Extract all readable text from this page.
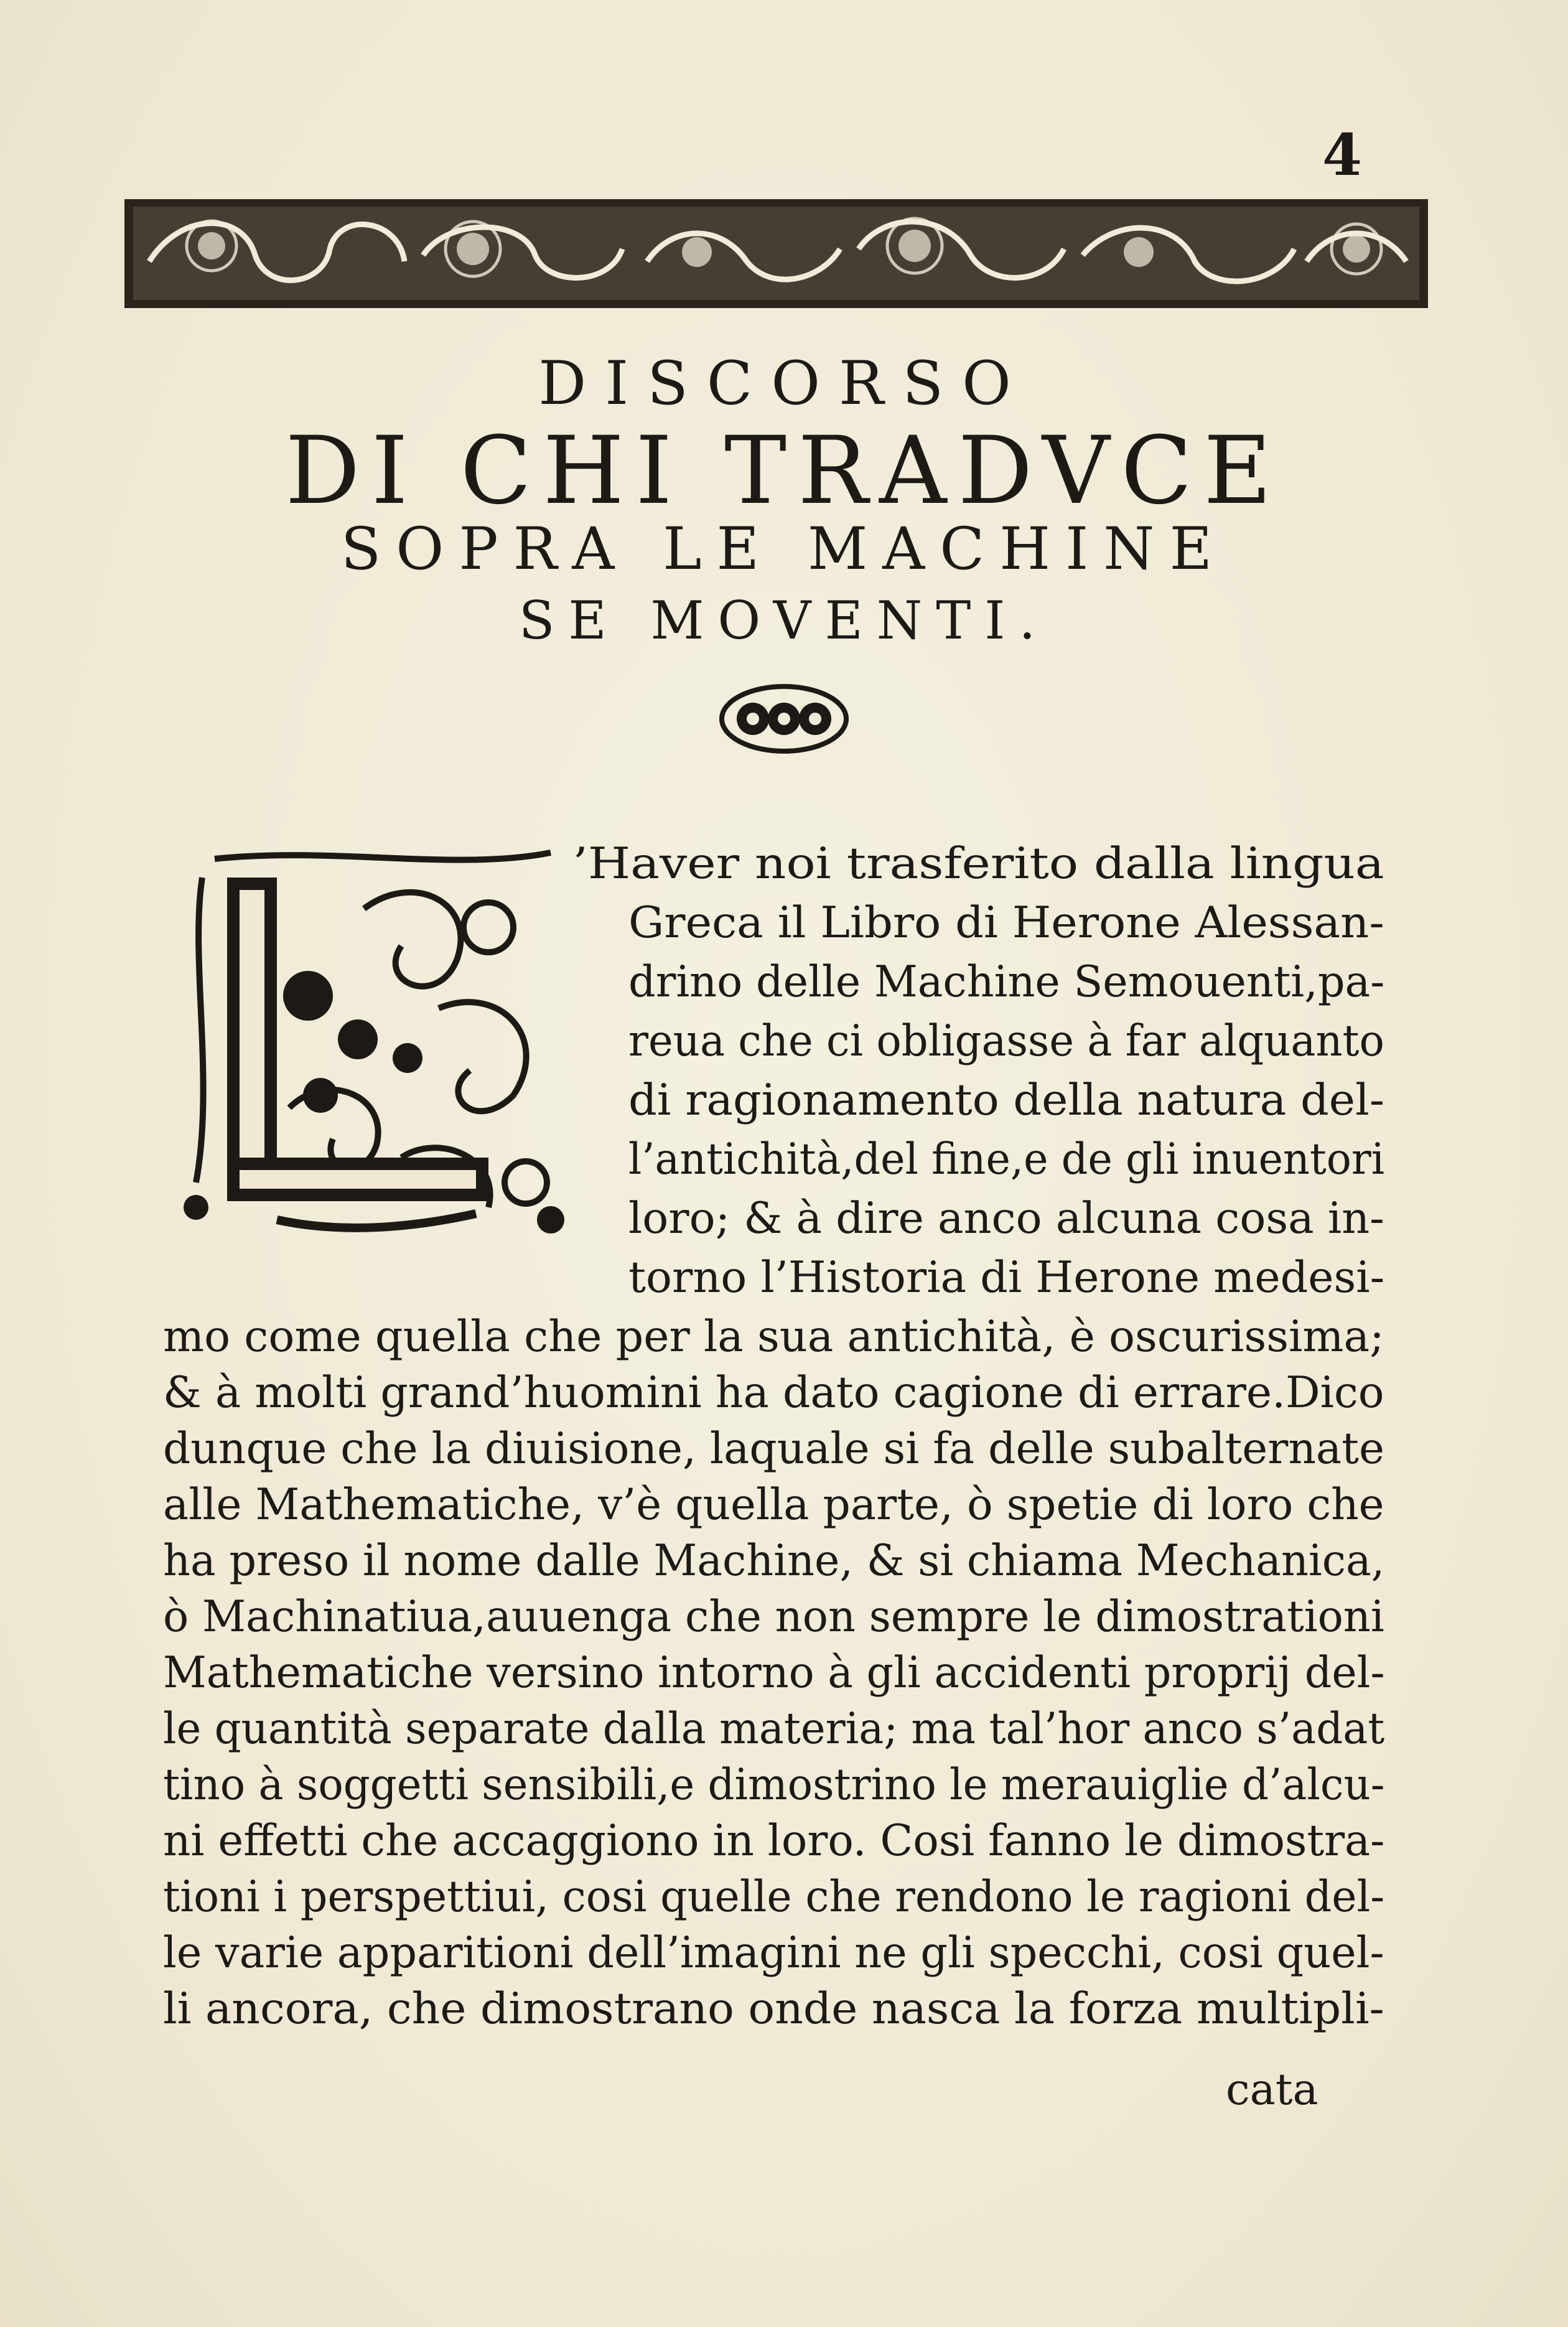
4
DISCORSO
DI CHI TRADVCE
SOPRA LE MACHINE
SE MOVENTI.
’Haver noi trasferito dalla lingua
Greca il Libro di Herone Alessan-
drino delle Machine Semouenti,pa-
reua che ci obligasse à far alquanto
di ragionamento della natura del-
l’antichità,del fine,e de gli inuentori
loro; & à dire anco alcuna cosa in-
torno l’Historia di Herone medesi-
mo come quella che per la sua antichità, è oscurissima;
& à molti grand’huomini ha dato cagione di errare.Dico
dunque che la diuisione, laquale si fa delle subalternate
alle Mathematiche, v’è quella parte, ò spetie di loro che
ha preso il nome dalle Machine, & si chiama Mechanica,
ò Machinatiua,auuenga che non sempre le dimostrationi
Mathematiche versino intorno à gli accidenti proprij del-
le quantità separate dalla materia; ma tal’hor anco s’adat
tino à soggetti sensibili,e dimostrino le merauiglie d’alcu-
ni effetti che accaggiono in loro. Cosi fanno le dimostra-
tioni i perspettiui, cosi quelle che rendono le ragioni del-
le varie apparitioni dell’imagini ne gli specchi, cosi quel-
li ancora, che dimostrano onde nasca la forza multipli-
cata
